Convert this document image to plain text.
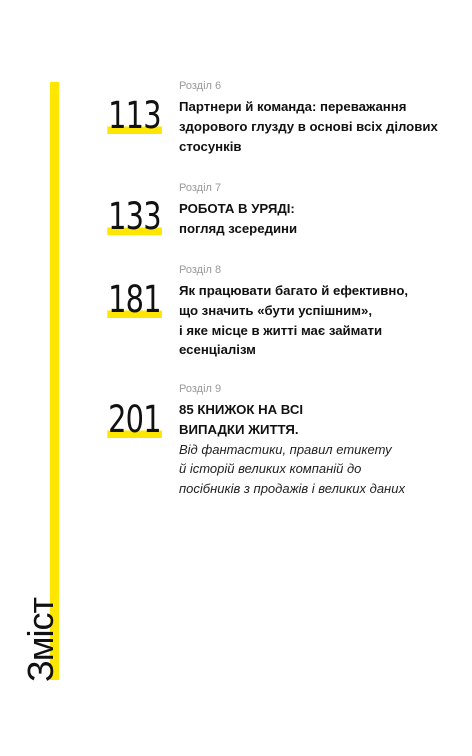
Зміст
113
Розділ 6
Партнери й команда: переважання
здорового глузду в основі всіх ділових
стосунків
133
Розділ 7
РОБОТА В УРЯДІ:
погляд зсередини
181
Розділ 8
Як працювати багато й ефективно,
що значить «бути успішним»,
і яке місце в житті має займати
есенціалізм
201
Розділ 9
85 КНИЖОК НА ВСІ
ВИПАДКИ ЖИТТЯ.
Від фантастики, правил етикету
й історій великих компаній до
посібників з продажів і великих даних
